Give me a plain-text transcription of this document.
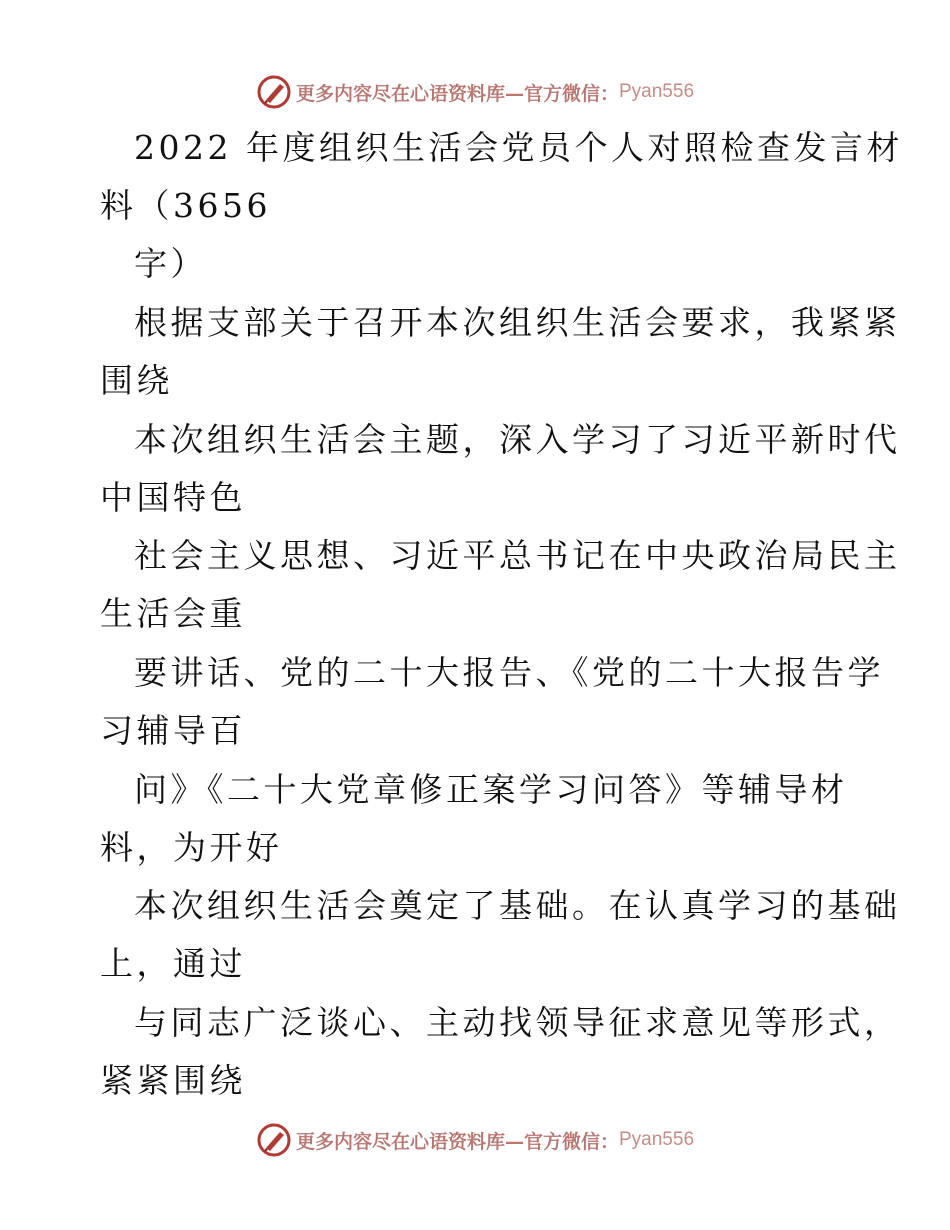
更多内容尽在心语资料库—官方微信： Pyan556
2022 年度组织生活会党员个人对照检查发言材
料（3656
字）
根据支部关于召开本次组织生活会要求，我紧紧
围绕
本次组织生活会主题，深入学习了习近平新时代
中国特色
社会主义思想、习近平总书记在中央政治局民主
生活会重
要讲话、党的二十大报告、《党的二十大报告学
习辅导百
问》《二十大党章修正案学习问答》等辅导材
料，为开好
本次组织生活会奠定了基础。在认真学习的基础
上，通过
与同志广泛谈心、主动找领导征求意见等形式，
紧紧围绕
更多内容尽在心语资料库—官方微信： Pyan556
